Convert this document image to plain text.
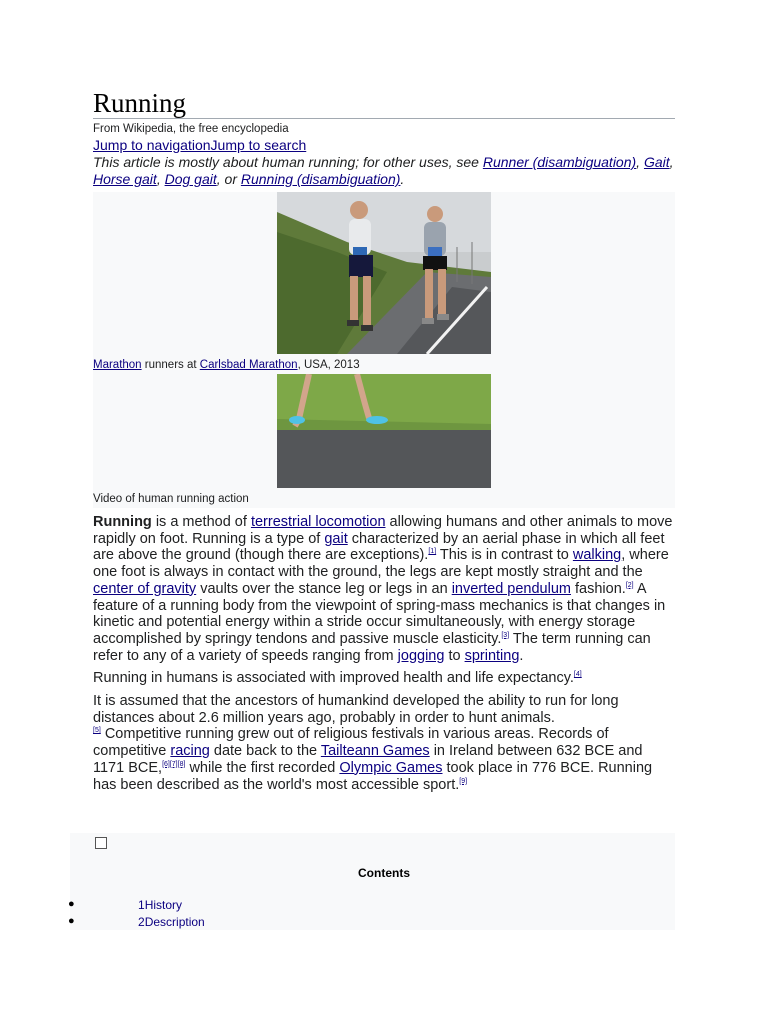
Running
From Wikipedia, the free encyclopedia
Jump to navigationJump to search
This article is mostly about human running; for other uses, see Runner (disambiguation), Gait, Horse gait, Dog gait, or Running (disambiguation).
Marathon runners at Carlsbad Marathon, USA, 2013
Video of human running action

Running is a method of terrestrial locomotion allowing humans and other animals to move rapidly on foot. Running is a type of gait characterized by an aerial phase in which all feet are above the ground (though there are exceptions).[1] This is in contrast to walking, where one foot is always in contact with the ground, the legs are kept mostly straight and the center of gravity vaults over the stance leg or legs in an inverted pendulum fashion.[2] A feature of a running body from the viewpoint of spring-mass mechanics is that changes in kinetic and potential energy within a stride occur simultaneously, with energy storage accomplished by springy tendons and passive muscle elasticity.[3] The term running can refer to any of a variety of speeds ranging from jogging to sprinting.

Running in humans is associated with improved health and life expectancy.[4]

It is assumed that the ancestors of humankind developed the ability to run for long distances about 2.6 million years ago, probably in order to hunt animals.
[5] Competitive running grew out of religious festivals in various areas. Records of competitive racing date back to the Tailteann Games in Ireland between 632 BCE and 1171 BCE,[6][7][8] while the first recorded Olympic Games took place in 776 BCE. Running has been described as the world's most accessible sport.[9]

Contents
●	1History
●	2Description
